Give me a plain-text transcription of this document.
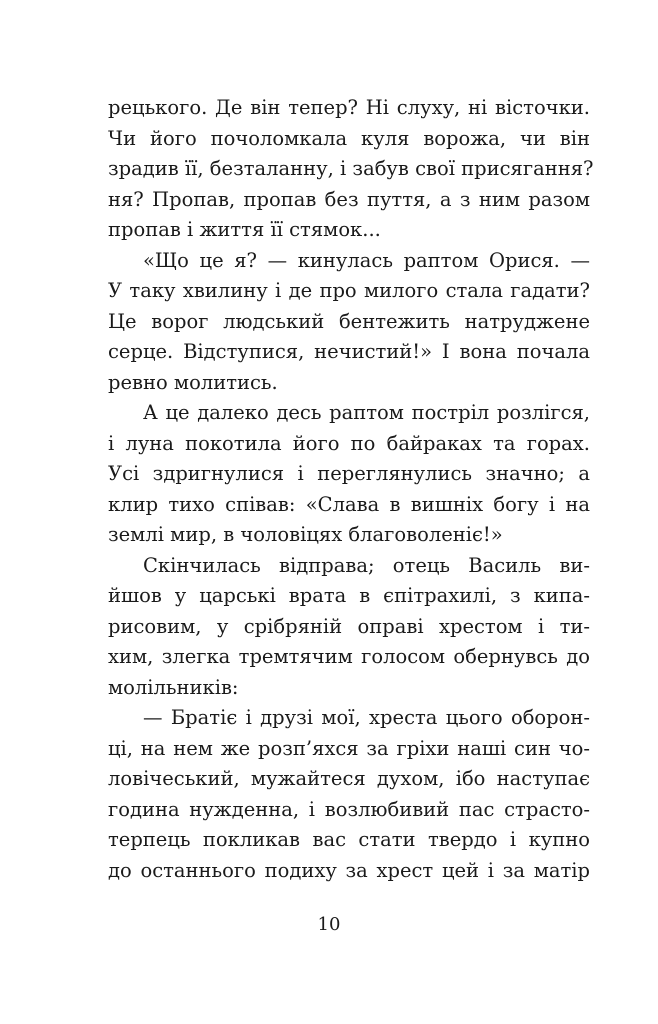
рецького. Де він тепер? Ні слуху, ні вісточки.
Чи його почоломкала куля ворожа, чи він
зрадив її, безталанну, і забув свої присягання?
ня? Пропав, пропав без пуття, а з ним разом
пропав і життя її стямок...
«Що це я? — кинулась раптом Орися. —
У таку хвилину і де про милого стала гадати?
Це ворог людський бентежить натруджене
серце. Відступися, нечистий!» І вона почала
ревно молитись.
А це далеко десь раптом постріл розлігся,
і луна покотила його по байраках та горах.
Усі здригнулися і переглянулись значно; а
клир тихо співав: «Слава в вишніх богу і на
землі мир, в чоловіцях благоволеніє!»
Скінчилась відправа; отець Василь ви-
йшов у царські врата в єпітрахилі, з кипа-
рисовим, у срібряній оправі хрестом і ти-
хим, злегка тремтячим голосом обернувсь до
молільників:
— Братіє і друзі мої, хреста цього оборон-
ці, на нем же розп’яхся за гріхи наші син чо-
ловічеський, мужайтеся духом, ібо наступає
година нужденна, і возлюбивий пас страсто-
терпець покликав вас стати твердо і купно
до останнього подиху за хрест цей і за матір
10
